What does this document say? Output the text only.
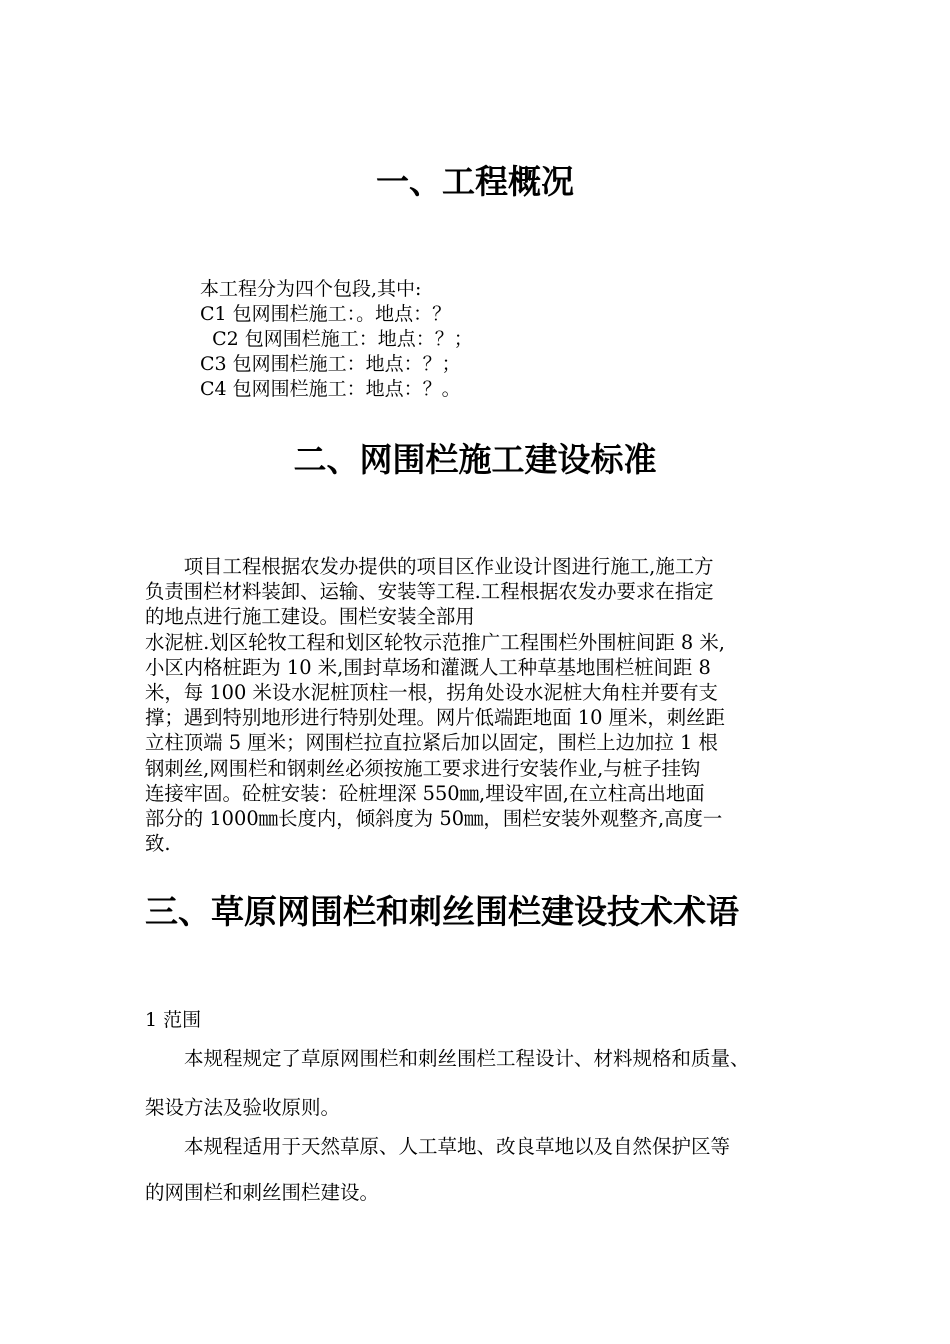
一、工程概况
本工程分为四个包段,其中:
C1 包网围栏施工：。地点：？
C2 包网围栏施工：地点：？；
C3 包网围栏施工：地点：？；
C4 包网围栏施工：地点：？。
二、网围栏施工建设标准
　　项目工程根据农发办提供的项目区作业设计图进行施工,施工方
负责围栏材料装卸、运输、安装等工程.工程根据农发办要求在指定
的地点进行施工建设。围栏安装全部用
水泥桩.划区轮牧工程和划区轮牧示范推广工程围栏外围桩间距 8 米,
小区内格桩距为 10 米,围封草场和灌溉人工种草基地围栏桩间距 8
米，每 100 米设水泥桩顶柱一根，拐角处设水泥桩大角柱并要有支
撑；遇到特别地形进行特别处理。网片低端距地面 10 厘米，刺丝距
立柱顶端 5 厘米；网围栏拉直拉紧后加以固定，围栏上边加拉 1 根
钢刺丝,网围栏和钢刺丝必须按施工要求进行安装作业,与桩子挂钩
连接牢固。砼桩安装：砼桩埋深 550㎜,埋设牢固,在立柱高出地面
部分的 1000㎜长度内，倾斜度为 50㎜，围栏安装外观整齐,高度一
致.
三、草原网围栏和刺丝围栏建设技术术语
1 范围
　　本规程规定了草原网围栏和刺丝围栏工程设计、材料规格和质量、
架设方法及验收原则。
　　本规程适用于天然草原、人工草地、改良草地以及自然保护区等
的网围栏和刺丝围栏建设。
